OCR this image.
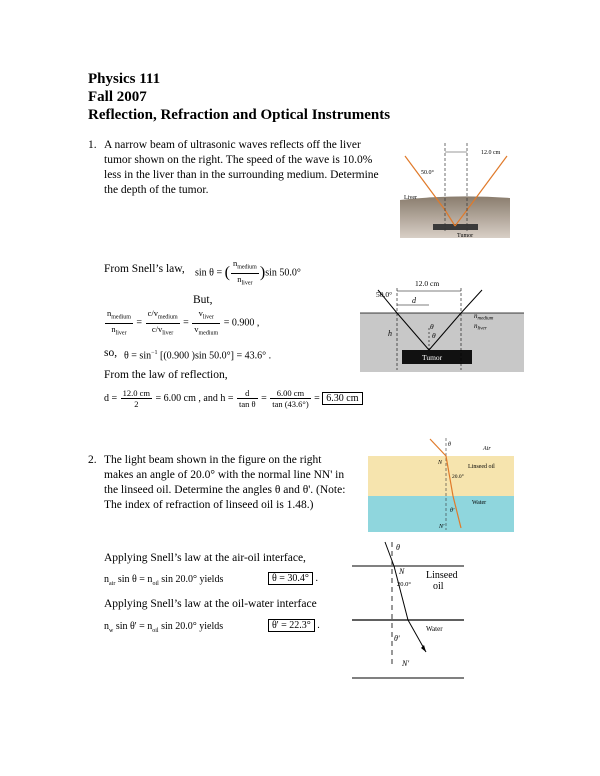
Physics 111
Fall 2007
Reflection, Refraction and Optical Instruments
1. A narrow beam of ultrasonic waves reflects off the liver
tumor shown on the right. The speed of the wave is 10.0%
less in the liver than in the surrounding medium. Determine
the depth of the tumor.
12.0 cm
50.0°
Liver
Tumor
From Snell’s law, sin θ = ( $\frac{n_{medium}}{n_{liver}} )\sin$ 50.0°
But,
$\frac{n_{medium}}{n_{liver}} = \frac{c/v_{medium}}{c/v_{liver}} = \frac{v_{liver}}{v_{medium}} = 0.900$ ,
so, $\theta = \sin^{-1} [(0.900$ )sin 50.0°] = 43.6° .
From the law of reflection,
$d = \frac{12.0 cm}{2} = 6.00$ cm , and $h = \frac{d}{\text{tan θ}} = \frac{6.00 cm}{\tan (43.6^\circ)} = 6.30$ cm
12.0 cm
50.0°
d
h	θ
θ
$n_{medium}$
$n_{liver}$
Tumor
2. The light beam shown in the figure on the right
makes an angle of 20.0° with the normal line NN' in
the linseed oil. Determine the angles θ and θ'. (Note:
The index of refraction of linseed oil is 1.48.)
Air
Linseed oil
Water
20.0°
θ
θ'
N
N'
Applying Snell’s law at the air-oil interface,
$n_{air}$ $\sin \theta = n_{oil}$ sin 20.0° yields	θ = 30.4° .
Applying Snell’s law at the oil-water interface
$n_w$ $\sin \theta' = n_{oil}$ sin 20.0° yields	θ' = 22.3° .
θ
N
20.0°
Linseed
oil
Water
θ'
N'
